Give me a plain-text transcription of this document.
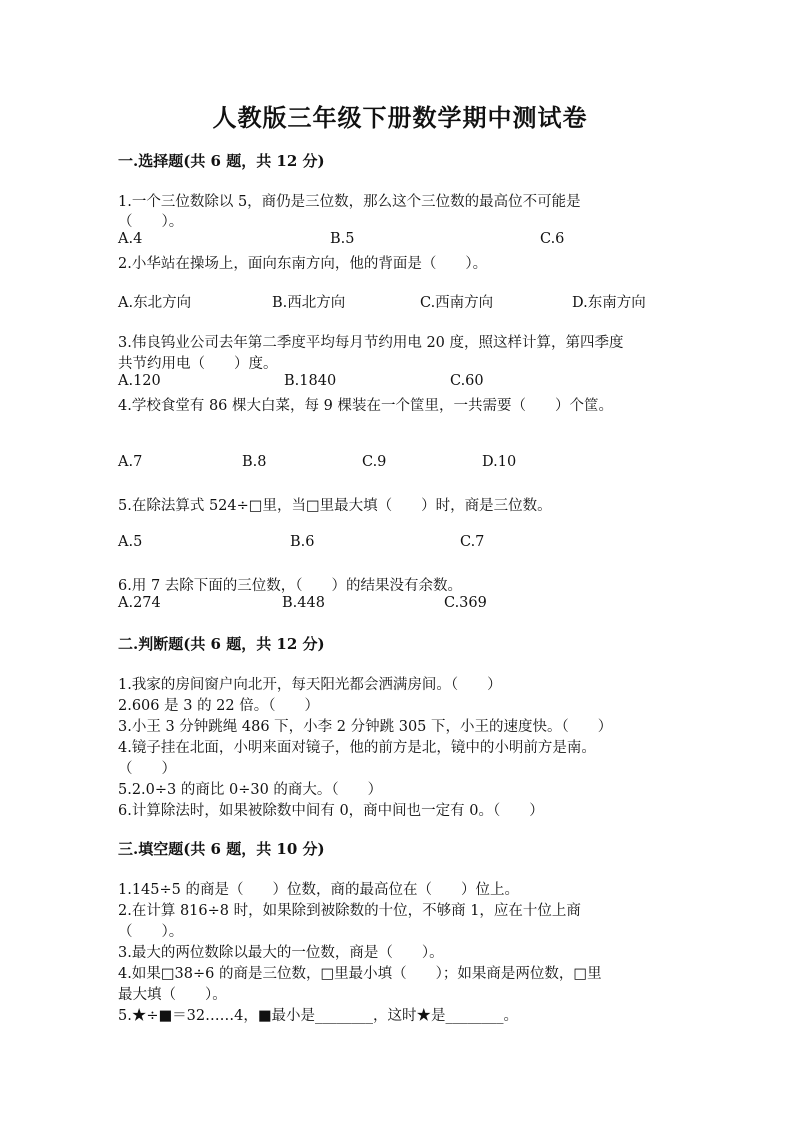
人教版三年级下册数学期中测试卷
一.选择题(共 6 题，共 12 分)
1.一个三位数除以 5，商仍是三位数，那么这个三位数的最高位不可能是
（　　）。
A.4	B.5	C.6
2.小华站在操场上，面向东南方向，他的背面是（　　）。
A.东北方向	B.西北方向	C.西南方向	D.东南方向
3.伟良钨业公司去年第二季度平均每月节约用电 20 度，照这样计算，第四季度
共节约用电（　　）度。
A.120	B.1840	C.60
4.学校食堂有 86 棵大白菜，每 9 棵装在一个筐里，一共需要（　　）个筐。
A.7	B.8	C.9	D.10
5.在除法算式 524÷□里，当□里最大填（　　）时，商是三位数。
A.5	B.6	C.7
6.用 7 去除下面的三位数，（　　）的结果没有余数。
A.274	B.448	C.369
二.判断题(共 6 题，共 12 分)
1.我家的房间窗户向北开，每天阳光都会洒满房间。（　　）
2.606 是 3 的 22 倍。（　　）
3.小王 3 分钟跳绳 486 下，小李 2 分钟跳 305 下，小王的速度快。（　　）
4.镜子挂在北面，小明来面对镜子，他的前方是北，镜中的小明前方是南。
（　　）
5.2.0÷3 的商比 0÷30 的商大。（　　）
6.计算除法时，如果被除数中间有 0，商中间也一定有 0。（　　）
三.填空题(共 6 题，共 10 分)
1.145÷5 的商是（　　）位数，商的最高位在（　　）位上。
2.在计算 816÷8 时，如果除到被除数的十位，不够商 1，应在十位上商
（　　）。
3.最大的两位数除以最大的一位数，商是（　　）。
4.如果□38÷6 的商是三位数，□里最小填（　　）；如果商是两位数，□里
最大填（　　）。
5.★÷■＝32……4，■最小是________，这时★是________。
